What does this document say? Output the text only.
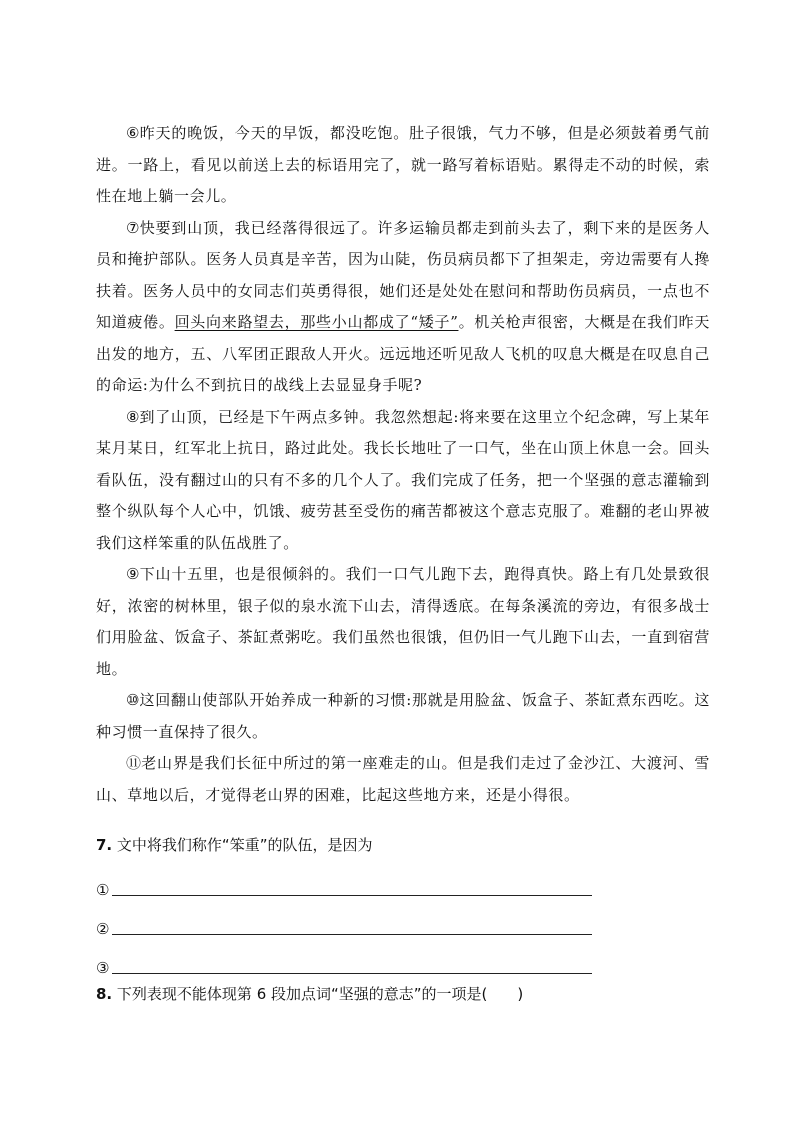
⑥昨天的晚饭，今天的早饭，都没吃饱。肚子很饿，气力不够，但是必须鼓着勇气前进。一路上，看见以前送上去的标语用完了，就一路写着标语贴。累得走不动的时候，索性在地上躺一会儿。

⑦快要到山顶，我已经落得很远了。许多运输员都走到前头去了，剩下来的是医务人员和掩护部队。医务人员真是辛苦，因为山陡，伤员病员都下了担架走，旁边需要有人搀扶着。医务人员中的女同志们英勇得很，她们还是处处在慰问和帮助伤员病员，一点也不知道疲倦。回头向来路望去，那些小山都成了“矮子”。机关枪声很密，大概是在我们昨天出发的地方，五、八军团正跟敌人开火。远远地还听见敌人飞机的叹息大概是在叹息自己的命运:为什么不到抗日的战线上去显显身手呢?

⑧到了山顶，已经是下午两点多钟。我忽然想起:将来要在这里立个纪念碑，写上某年某月某日，红军北上抗日，路过此处。我长长地吐了一口气，坐在山顶上休息一会。回头看队伍，没有翻过山的只有不多的几个人了。我们完成了任务，把一个坚强的意志灌输到整个纵队每个人心中，饥饿、疲劳甚至受伤的痛苦都被这个意志克服了。难翻的老山界被我们这样笨重的队伍战胜了。

⑨下山十五里，也是很倾斜的。我们一口气儿跑下去，跑得真快。路上有几处景致很好，浓密的树林里，银子似的泉水流下山去，清得透底。在每条溪流的旁边，有很多战士们用脸盆、饭盒子、茶缸煮粥吃。我们虽然也很饿，但仍旧一气儿跑下山去，一直到宿营地。

⑩这回翻山使部队开始养成一种新的习惯:那就是用脸盆、饭盒子、茶缸煮东西吃。这种习惯一直保持了很久。

⑪老山界是我们长征中所过的第一座难走的山。但是我们走过了金沙江、大渡河、雪山、草地以后，才觉得老山界的困难，比起这些地方来，还是小得很。

7. 文中将我们称作“笨重”的队伍，是因为

①
②
③

8. 下列表现不能体现第 6 段加点词“坚强的意志”的一项是(　　)
